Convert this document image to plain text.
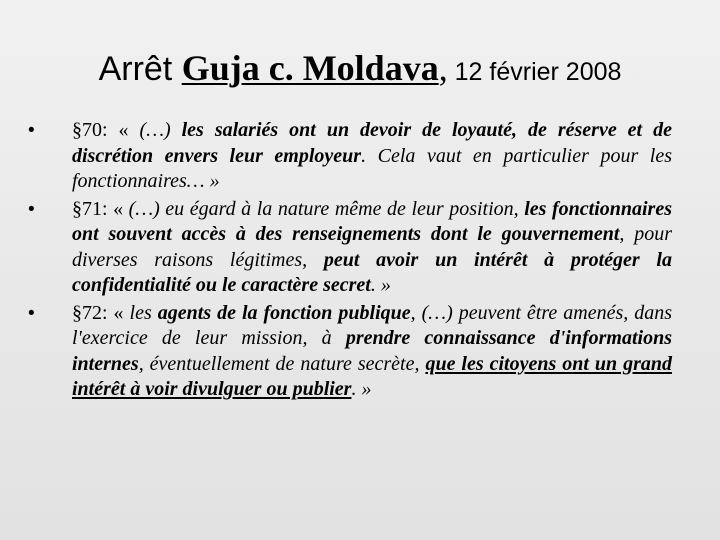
Arrêt Guja c. Moldava, 12 février 2008
•	§70: « (…) les salariés ont un devoir de loyauté, de réserve et de discrétion envers leur employeur. Cela vaut en particulier pour les fonctionnaires… »
•	§71: « (…) eu égard à la nature même de leur position, les fonctionnaires ont souvent accès à des renseignements dont le gouvernement, pour diverses raisons légitimes, peut avoir un intérêt à protéger la confidentialité ou le caractère secret. »
•	§72: « les agents de la fonction publique, (…) peuvent être amenés, dans l'exercice de leur mission, à prendre connaissance d'informations internes, éventuellement de nature secrète, que les citoyens ont un grand intérêt à voir divulguer ou publier. »
